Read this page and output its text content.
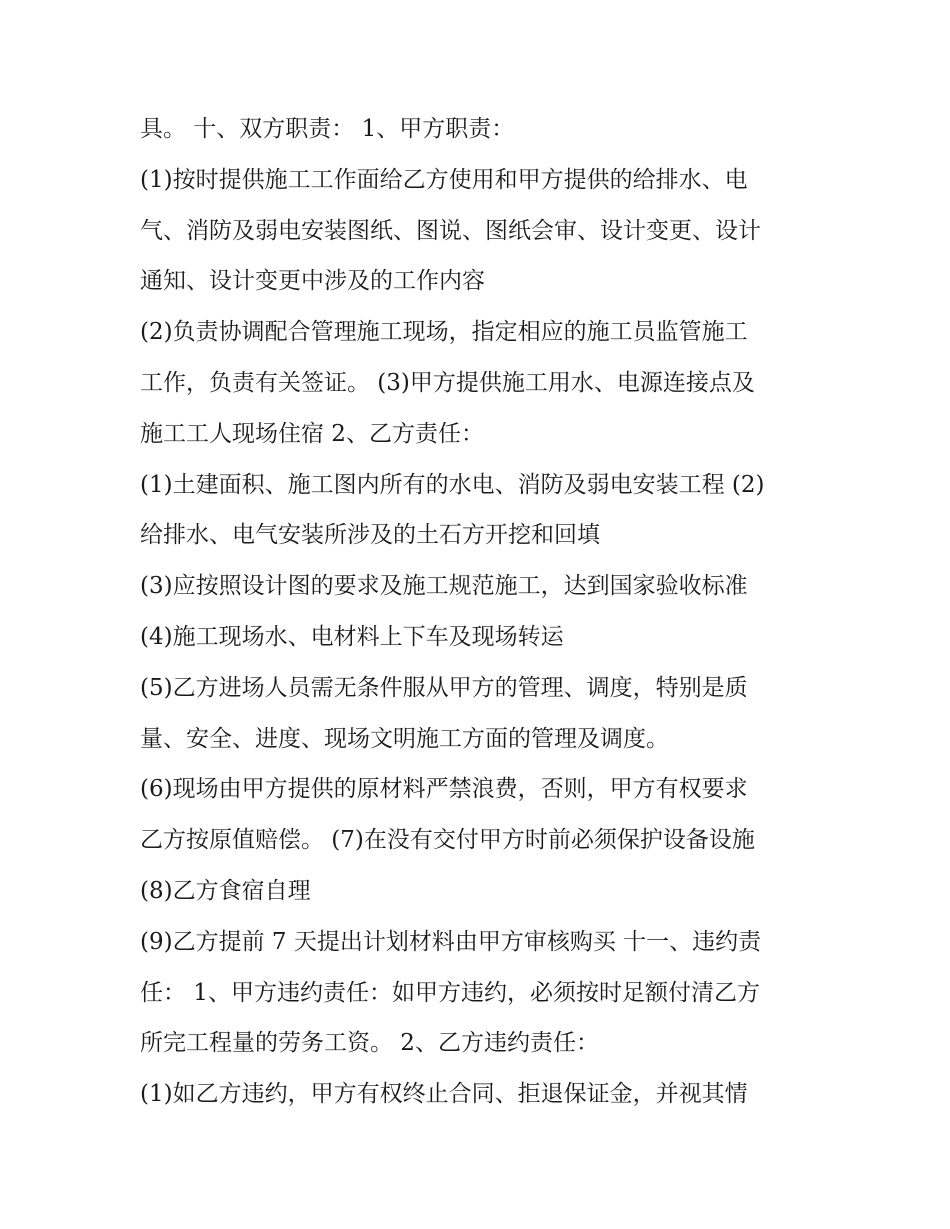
具。 十、双方职责： 1、甲方职责：
(1)按时提供施工工作面给乙方使用和甲方提供的给排水、电
气、消防及弱电安装图纸、图说、图纸会审、设计变更、设计
通知、设计变更中涉及的工作内容
(2)负责协调配合管理施工现场，指定相应的施工员监管施工
工作，负责有关签证。 (3)甲方提供施工用水、电源连接点及
施工工人现场住宿 2、乙方责任：
(1)土建面积、施工图内所有的水电、消防及弱电安装工程 (2)
给排水、电气安装所涉及的土石方开挖和回填
(3)应按照设计图的要求及施工规范施工，达到国家验收标准
(4)施工现场水、电材料上下车及现场转运
(5)乙方进场人员需无条件服从甲方的管理、调度，特别是质
量、安全、进度、现场文明施工方面的管理及调度。
(6)现场由甲方提供的原材料严禁浪费，否则，甲方有权要求
乙方按原值赔偿。 (7)在没有交付甲方时前必须保护设备设施
(8)乙方食宿自理
(9)乙方提前 7 天提出计划材料由甲方审核购买 十一、违约责
任： 1、甲方违约责任：如甲方违约，必须按时足额付清乙方
所完工程量的劳务工资。 2、乙方违约责任：
(1)如乙方违约，甲方有权终止合同、拒退保证金，并视其情
